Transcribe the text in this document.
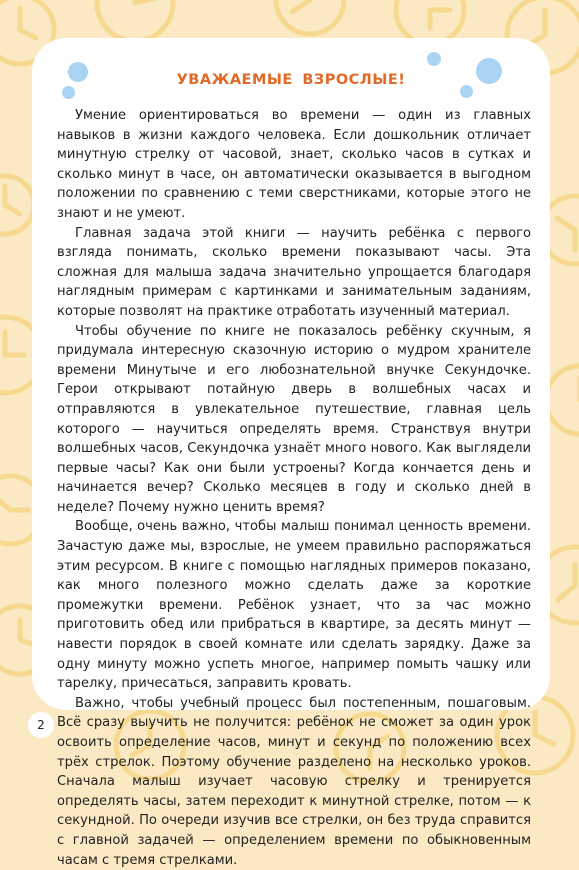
УВАЖАЕМЫЕ ВЗРОСЛЫЕ!

Умение ориентироваться во времени — один из главных навыков в жизни каждого человека. Если дошкольник отличает минутную стрелку от часовой, знает, сколько часов в сутках и сколько минут в часе, он автоматически оказывается в выгодном положении по сравнению с теми сверстниками, которые этого не знают и не умеют.

Главная задача этой книги — научить ребёнка с первого взгляда понимать, сколько времени показывают часы. Эта сложная для малыша задача значительно упрощается благодаря наглядным примерам с картинками и занимательным заданиям, которые позволят на практике отработать изученный материал.

Чтобы обучение по книге не показалось ребёнку скучным, я придумала интересную сказочную историю о мудром хранителе времени Минутыче и его любознательной внучке Секундочке. Герои открывают потайную дверь в волшебных часах и отправляются в увлекательное путешествие, главная цель которого — научиться определять время. Странствуя внутри волшебных часов, Секундочка узнаёт много нового. Как выглядели первые часы? Как они были устроены? Когда кончается день и начинается вечер? Сколько месяцев в году и сколько дней в неделе? Почему нужно ценить время?

Вообще, очень важно, чтобы малыш понимал ценность времени. Зачастую даже мы, взрослые, не умеем правильно распоряжаться этим ресурсом. В книге с помощью наглядных примеров показано, как много полезного можно сделать даже за короткие промежутки времени. Ребёнок узнает, что за час можно приготовить обед или прибраться в квартире, за десять минут — навести порядок в своей комнате или сделать зарядку. Даже за одну минуту можно успеть многое, например помыть чашку или тарелку, причесаться, заправить кровать.

Важно, чтобы учебный процесс был постепенным, пошаговым. Всё сразу выучить не получится: ребёнок не сможет за один урок освоить определение часов, минут и секунд по положению всех трёх стрелок. Поэтому обучение разделено на несколько уроков. Сначала малыш изучает часовую стрелку и тренируется определять часы, затем переходит к минутной стрелке, потом — к секундной. По очереди изучив все стрелки, он без труда справится с главной задачей — определением времени по обыкновенным часам с тремя стрелками.

2
